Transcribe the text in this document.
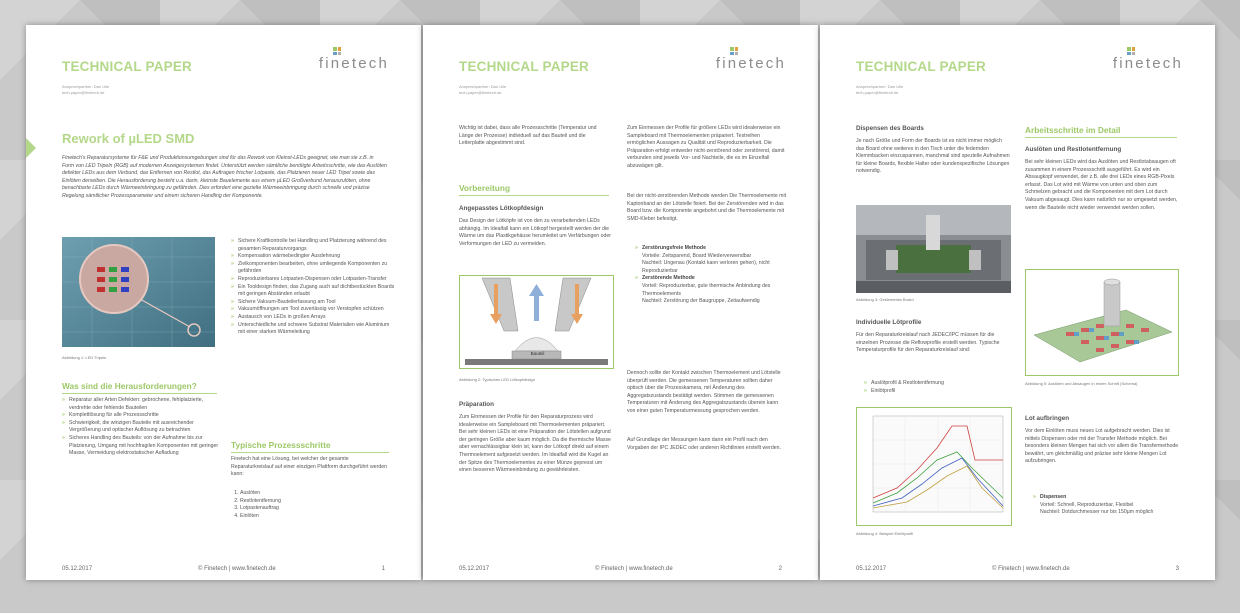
TECHNICAL PAPER
Ansprechpartner: Dan Ulle
tech.paper@finetech.de
finetech
Rework of µLED SMD

Finetech's Reparatursysteme für F&E und Produktionsumgebungen sind für das Rework von Kleinst-LEDs geeignet, wie man sie z.B. in Form von LED Tripeln (RGB) auf modernen Anzeigesystemen findet. Unterstützt werden sämtliche benötigte Arbeitsschritte, wie das Auslöten defekter LEDs aus dem Verbund, das Entfernen von Restlot, das Auftragen frischer Lotpaste, das Platzieren neuer LED Tripel sowie das Einlöten derselben. Die Herausforderung besteht u.a. darin, kleinste Bauelemente aus einem µLED Großverbund herauszulöten, ohne benachbarte LEDs durch Wärmeeinbringung zu gefährden. Dies erfordert eine gezielte Wärmeeinbringung durch schnelle und präzise Regelung sämtlicher Prozessparameter und einem sicheren Handling der Komponente.

Abbildung 1: LED Tripeln
» Sichere Kraftkontrolle bei Handling und Platzierung während des gesamten Reparaturvorgangs
» Kompensation wärmebedingter Ausdehnung
» Zielkomponenten bearbeiten, ohne umliegende Komponenten zu gefährden
» Reproduzierbares Lotpasten-Dispensen oder Lotpasten-Transfer
» Ein Tooldesign finden, das Zugang auch auf dichtbestückten Boards mit geringen Abständen erlaubt
» Sichere Vakuum-Bauteilerfassung am Tool
» Vakuumöffnungen am Tool zuverlässig vor Verstopfen schützen
» Austausch von LEDs in großen Arrays
» Unterschiedliche und schwere Substrat Materialien wie Aluminium mit einer starken Wärmeleitung
Was sind die Herausforderungen?
» Reparatur aller Arten Defekten: gebrochene, fehlplatzierte, verdrehte oder fehlende Bauteilen
» Komplettlösung für alle Prozessschritte
» Schwierigkeit, die winzigen Bauteile mit ausreichender Vergrößerung und optischer Auflösung zu betrachten
» Sicheres Handling des Bauteils: von der Aufnahme bis zur Platzierung, Umgang mit hochfragilen Komponenten mit geringer Masse, Vermeidung elektrostatischer Aufladung
Typische Prozessschritte

Finetech hat eine Lösung, bei welcher der gesamte Reparaturkreislauf auf einer einzigen Plattform durchgeführt werden kann:

1. Auslöten
2. Restlotentfernung
3. Lotpastenauftrag
4. Einlöten
05.12.2017	© Finetech | www.finetech.de	1
TECHNICAL PAPER
Ansprechpartner: Dan Ulle
tech.paper@finetech.de
finetech

Wichtig ist dabei, dass alle Prozessschritte (Temperatur und Länge der Prozesse) individuell auf das Bauteil und die Leiterplatte abgestimmt sind.

Vorbereitung
Angepasstes Lötkopfdesign

Das Design der Lötköpfe ist von den zu verarbeitenden LEDs abhängig. Im Idealfall kann ein Lötkopf hergestellt werden der die Wärme um das Plastikgehäuse herumleitet um Verfärbungen oder Verformungen der LED zu vermeiden.

Bauteil
Abbildung 2: Typisches LED Lötkopfdesign
Präparation

Zum Einmessen der Profile für den Reparaturprozess wird idealerweise ein Sampleboard mit Thermoelementen präpariert. Bei sehr kleinen LEDs ist eine Präparation der Lötstellen aufgrund der geringen Größe aber kaum möglich. Da die thermische Masse aber vernachlässigbar klein ist, kann der Lötkopf direkt auf einem Thermoelement aufgesetzt werden. Im Idealfall wird die Kugel an der Spitze des Thermoelementes zu einer Münze gepresst um einen besseren Wärmeeinbindung zu gewährleisten.

Zum Einmessen der Profile für größere LEDs wird idealerweise ein Sampleboard mit Thermoelementen präpariert. Testreihen ermöglichen Aussagen zu Qualität und Reproduzierbarkeit. Die Präparation erfolgt entweder nicht-zerstörend oder zerstörend, damit verbunden sind jeweils Vor- und Nachteile, die es im Einzelfall abzuwägen gilt.

Bei der nicht-zerstörenden Methode werden Die Thermoelemente mit Kaptonband an der Lötstelle fixiert. Bei der Zerstörenden wird in das Board bzw. die Komponente angebohrt und die Thermoelemente mit SMD-Kleber befestigt.

» Zerstörungsfreie Methode
Vorteile: Zeitsparend, Board Wiederverwendbar
Nachteil: Ungenau (Kontakt kann verloren gehen), nicht Reproduzierbar
» Zerstörende Methode
Vorteil: Reproduzierbar, gute thermische Anbindung des Thermoelements
Nachteil: Zerstörung der Baugruppe, Zeitaufwendig

Dennoch sollte der Kontakt zwischen Thermoelement und Lötstelle überprüft werden. Die gemessenen Temperaturen sollten daher optisch über die Prozesskamera, mit Änderung des Aggregatszustands bestätigt werden. Stimmen die gemessenen Temperaturen mit Änderung des Aggregatszustands überein kann von einer guten Temperaturmessung gesprochen werden.

Auf Grundlage der Messungen kann dann ein Profil nach den Vorgaben der IPC JEDEC oder anderen Richtlinien erstellt werden.

05.12.2017	© Finetech | www.finetech.de	2
TECHNICAL PAPER
Ansprechpartner: Dan Ulle
tech.paper@finetech.de
finetech
Dispensen des Boards

Je nach Größe und Form der Boards ist es nicht immer möglich das Board ohne weiteres in den Tisch unter die federnden Klemmbacken einzuspannen, manchmal sind spezielle Aufnahmen für kleine Boards, flexible Halter oder kundenspezifische Lösungen notwendig.

Abbildung 3: Geklemmtes Board
Individuelle Lötprofile

Für den Reparaturkreislauf nach JEDEC/IPC müssen für die einzelnen Prozesse die Reflowprofile erstellt werden. Typische Temperaturprofile für den Reparaturkreislauf sind:

» Auslötprofil & Restlotentfernung
» Einlötprofil
Abbildung 4: Beispiel Einlötprofil
Arbeitsschritte im Detail
Auslöten und Restlotentfernung

Bei sehr kleinen LEDs wird das Auslöten und Restlotabsaugen oft zusammen in einem Prozessschritt ausgeführt. Es wird ein Absaugkopf verwendet, der z.B. alle drei LEDs eines RGB-Pixels erfasst. Das Lot wird mit Wärme von unten und oben zum Schmelzen gebracht und die Komponenten mit dem Lot durch Vakuum abgesaugt. Dies kann natürlich nur so umgesetzt werden, wenn die Bauteile nicht wieder verwendet werden sollen.

Abbildung 5: Auslöten und Absaugen in einem Schritt (Schema)
Lot aufbringen

Vor dem Einlöten muss neues Lot aufgebracht werden. Dies ist mittels Dispensen oder mit der Transfer Methode möglich. Bei besonders kleinen Mengen hat sich vor allem die Transfermethode bewährt, um gleichmäßig und präzise sehr kleine Mengen Lot aufzubringen.

» Dispensen
Vorteil: Schnell, Reproduzierbar, Flexibel
Nachteil: Dotdurchmesser nur bis 150µm möglich
05.12.2017	© Finetech | www.finetech.de	3
